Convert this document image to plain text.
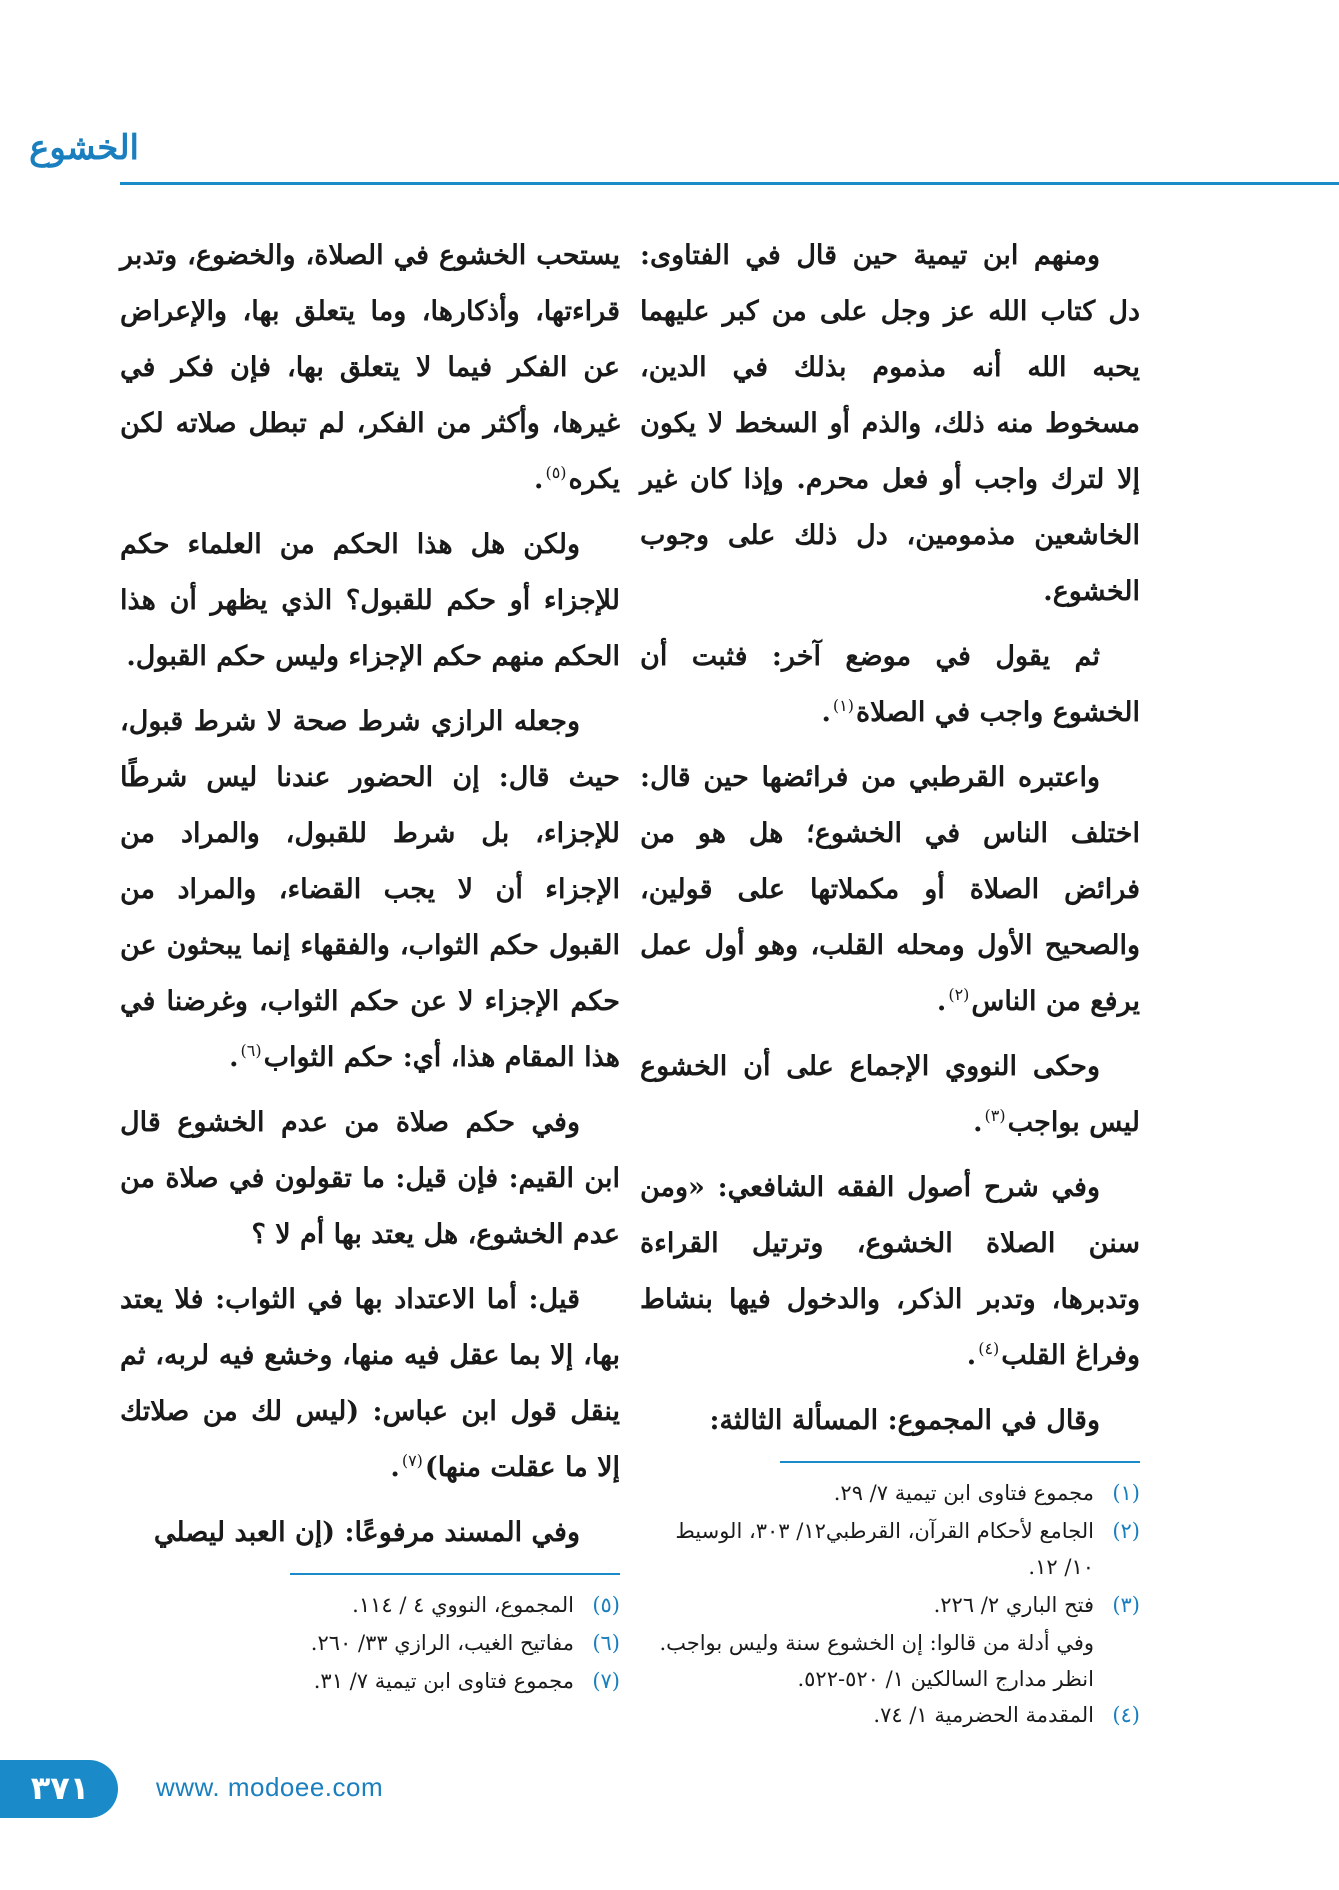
الخشوع

ومنهم ابن تيمية حين قال في الفتاوى: دل كتاب الله عز وجل على من كبر عليهما يحبه الله أنه مذموم بذلك في الدين، مسخوط منه ذلك، والذم أو السخط لا يكون إلا لترك واجب أو فعل محرم. وإذا كان غير الخاشعين مذمومين، دل ذلك على وجوب الخشوع.

ثم يقول في موضع آخر: فثبت أن الخشوع واجب في الصلاة$^{(١)}$.

واعتبره القرطبي من فرائضها حين قال: اختلف الناس في الخشوع؛ هل هو من فرائض الصلاة أو مكملاتها على قولين، والصحيح الأول ومحله القلب، وهو أول عمل يرفع من الناس$^{(٢)}$.

وحكى النووي الإجماع على أن الخشوع ليس بواجب$^{(٣)}$.

وفي شرح أصول الفقه الشافعي: «ومن سنن الصلاة الخشوع، وترتيل القراءة وتدبرها، وتدبر الذكر، والدخول فيها بنشاط وفراغ القلب$^{(٤)}$.

وقال في المجموع: المسألة الثالثة:

(١)
مجموع فتاوى ابن تيمية ٧/ ٢٩.
(٢)
الجامع لأحكام القرآن، القرطبي١٢/ ٣٠٣، الوسيط ١٠/ ١٢.
(٣)
فتح الباري ٢/ ٢٢٦.
وفي أدلة من قالوا: إن الخشوع سنة وليس بواجب. انظر مدارج السالكين ١/ ٥٢٠-٥٢٢.
(٤)
المقدمة الحضرمية ١/ ٧٤.

يستحب الخشوع في الصلاة، والخضوع، وتدبر قراءتها، وأذكارها، وما يتعلق بها، والإعراض عن الفكر فيما لا يتعلق بها، فإن فكر في غيرها، وأكثر من الفكر، لم تبطل صلاته لكن يكره$^{(٥)}$.

ولكن هل هذا الحكم من العلماء حكم للإجزاء أو حكم للقبول؟ الذي يظهر أن هذا الحكم منهم حكم الإجزاء وليس حكم القبول.

وجعله الرازي شرط صحة لا شرط قبول، حيث قال: إن الحضور عندنا ليس شرطًا للإجزاء، بل شرط للقبول، والمراد من الإجزاء أن لا يجب القضاء، والمراد من القبول حكم الثواب، والفقهاء إنما يبحثون عن حكم الإجزاء لا عن حكم الثواب، وغرضنا في هذا المقام هذا، أي: حكم الثواب$^{(٦)}$.

وفي حكم صلاة من عدم الخشوع قال ابن القيم: فإن قيل: ما تقولون في صلاة من عدم الخشوع، هل يعتد بها أم لا ؟

قيل: أما الاعتداد بها في الثواب: فلا يعتد بها، إلا بما عقل فيه منها، وخشع فيه لربه، ثم ينقل قول ابن عباس: (ليس لك من صلاتك إلا ما عقلت منها)$^{(٧)}$.

وفي المسند مرفوعًا: (إن العبد ليصلي

(٥)
المجموع، النووي ٤ / ١١٤.
(٦)
مفاتيح الغيب، الرازي ٣٣/ ٢٦٠.
(٧)
مجموع فتاوى ابن تيمية ٧/ ٣١.
٣٧١	www. modoee.com
